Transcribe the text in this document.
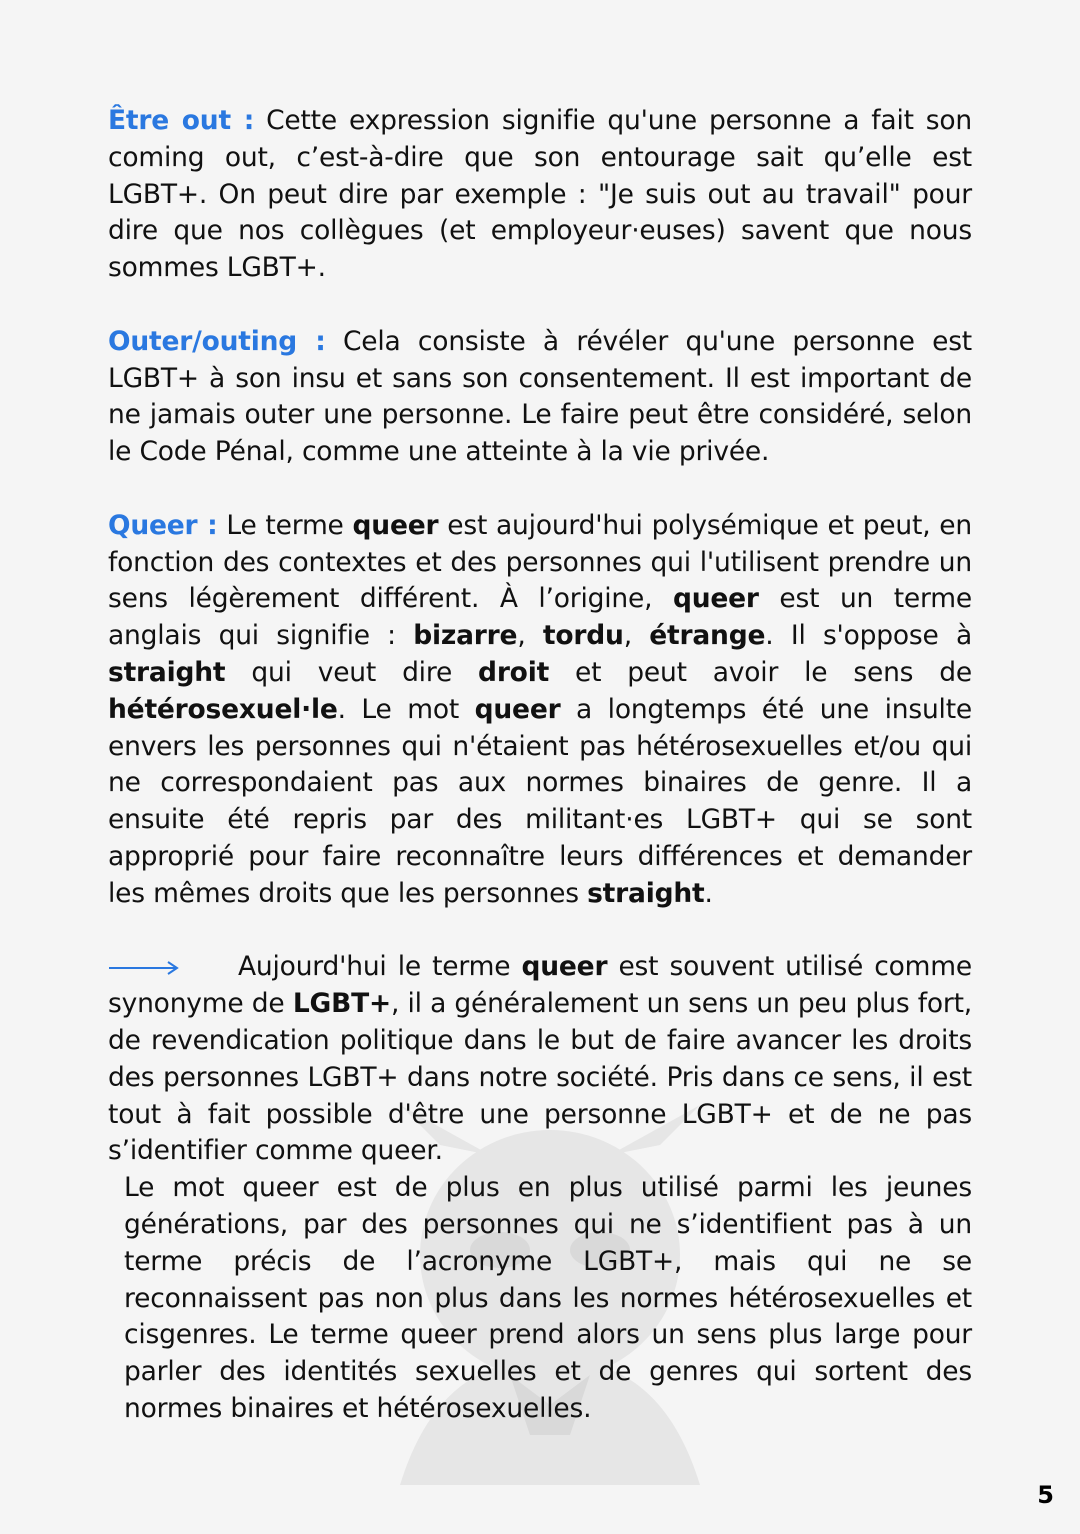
Être out : Cette expression signifie qu'une personne a fait son coming out, c’est-à-dire que son entourage sait qu’elle est LGBT+. On peut dire par exemple : "Je suis out au travail" pour dire que nos collègues (et employeur·euses) savent que nous sommes LGBT+.

Outer/outing : Cela consiste à révéler qu'une personne est LGBT+ à son insu et sans son consentement. Il est important de ne jamais outer une personne. Le faire peut être considéré, selon le Code Pénal, comme une atteinte à la vie privée.

Queer : Le terme queer est aujourd'hui polysémique et peut, en fonction des contextes et des personnes qui l'utilisent prendre un sens légèrement différent. À l’origine, queer est un terme anglais qui signifie : bizarre, tordu, étrange. Il s'oppose à straight qui veut dire droit et peut avoir le sens de hétérosexuel·le. Le mot queer a longtemps été une insulte envers les personnes qui n'étaient pas hétérosexuelles et/ou qui ne correspondaient pas aux normes binaires de genre. Il a ensuite été repris par des militant·es LGBT+ qui se sont approprié pour faire reconnaître leurs différences et demander les mêmes droits que les personnes straight.

Aujourd'hui le terme queer est souvent utilisé comme synonyme de LGBT+, il a généralement un sens un peu plus fort, de revendication politique dans le but de faire avancer les droits des personnes LGBT+ dans notre société. Pris dans ce sens, il est tout à fait possible d'être une personne LGBT+ et de ne pas s’identifier comme queer.

Le mot queer est de plus en plus utilisé parmi les jeunes générations, par des personnes qui ne s’identifient pas à un terme précis de l’acronyme LGBT+, mais qui ne se reconnaissent pas non plus dans les normes hétérosexuelles et cisgenres. Le terme queer prend alors un sens plus large pour parler des identités sexuelles et de genres qui sortent des normes binaires et hétérosexuelles.

5
